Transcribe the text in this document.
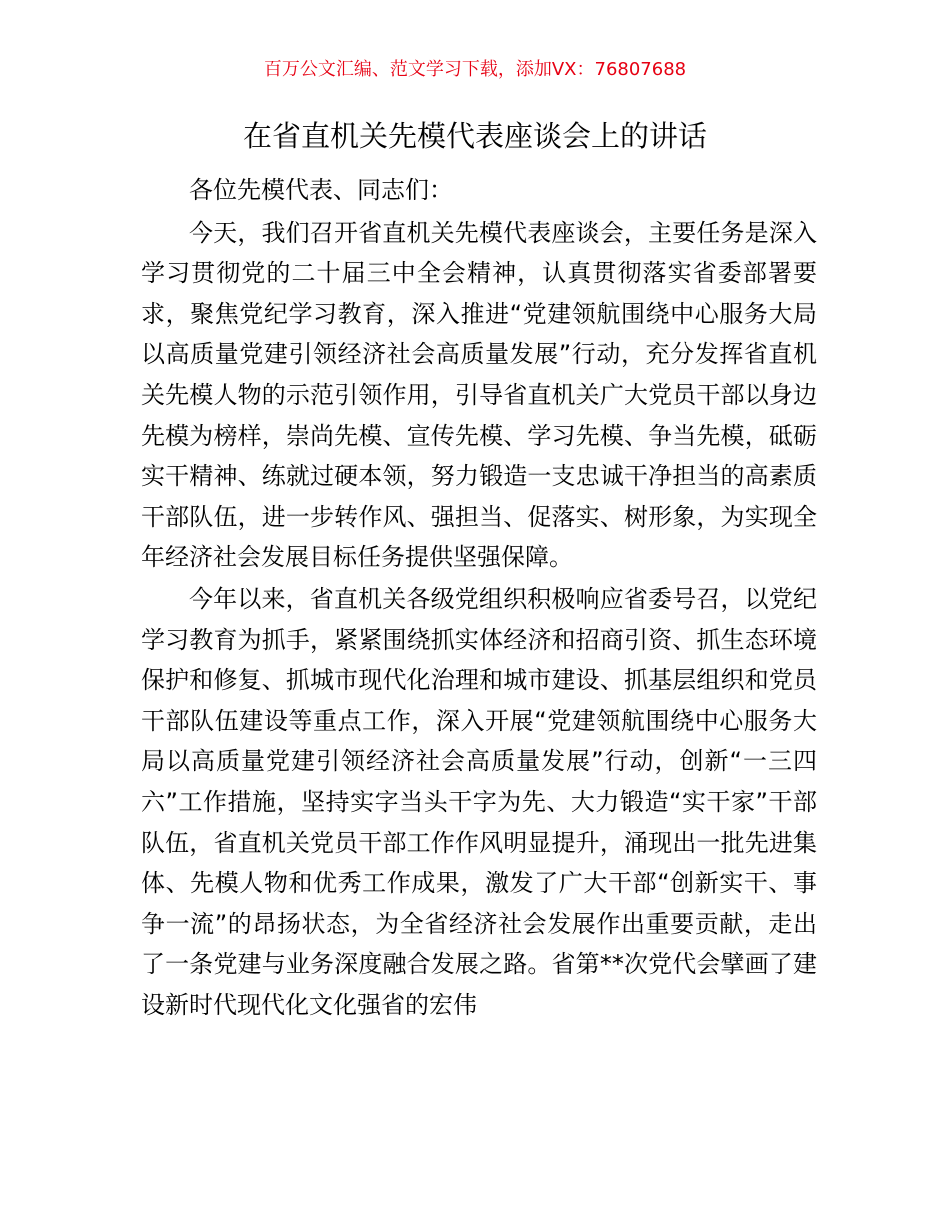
百万公文汇编、范文学习下载，添加VX：76807688
在省直机关先模代表座谈会上的讲话

各位先模代表、同志们：

今天，我们召开省直机关先模代表座谈会，主要任务是深入学习贯彻党的二十届三中全会精神，认真贯彻落实省委部署要求，聚焦党纪学习教育，深入推进“党建领航围绕中心服务大局以高质量党建引领经济社会高质量发展”行动，充分发挥省直机关先模人物的示范引领作用，引导省直机关广大党员干部以身边先模为榜样，崇尚先模、宣传先模、学习先模、争当先模，砥砺实干精神、练就过硬本领，努力锻造一支忠诚干净担当的高素质干部队伍，进一步转作风、强担当、促落实、树形象，为实现全年经济社会发展目标任务提供坚强保障。

今年以来，省直机关各级党组织积极响应省委号召，以党纪学习教育为抓手，紧紧围绕抓实体经济和招商引资、抓生态环境保护和修复、抓城市现代化治理和城市建设、抓基层组织和党员干部队伍建设等重点工作，深入开展“党建领航围绕中心服务大局以高质量党建引领经济社会高质量发展”行动，创新“一三四六”工作措施，坚持实字当头干字为先、大力锻造“实干家”干部队伍，省直机关党员干部工作作风明显提升，涌现出一批先进集体、先模人物和优秀工作成果，激发了广大干部“创新实干、事争一流”的昂扬状态，为全省经济社会发展作出重要贡献，走出了一条党建与业务深度融合发展之路。省第**次党代会擘画了建设新时代现代化文化强省的宏伟
